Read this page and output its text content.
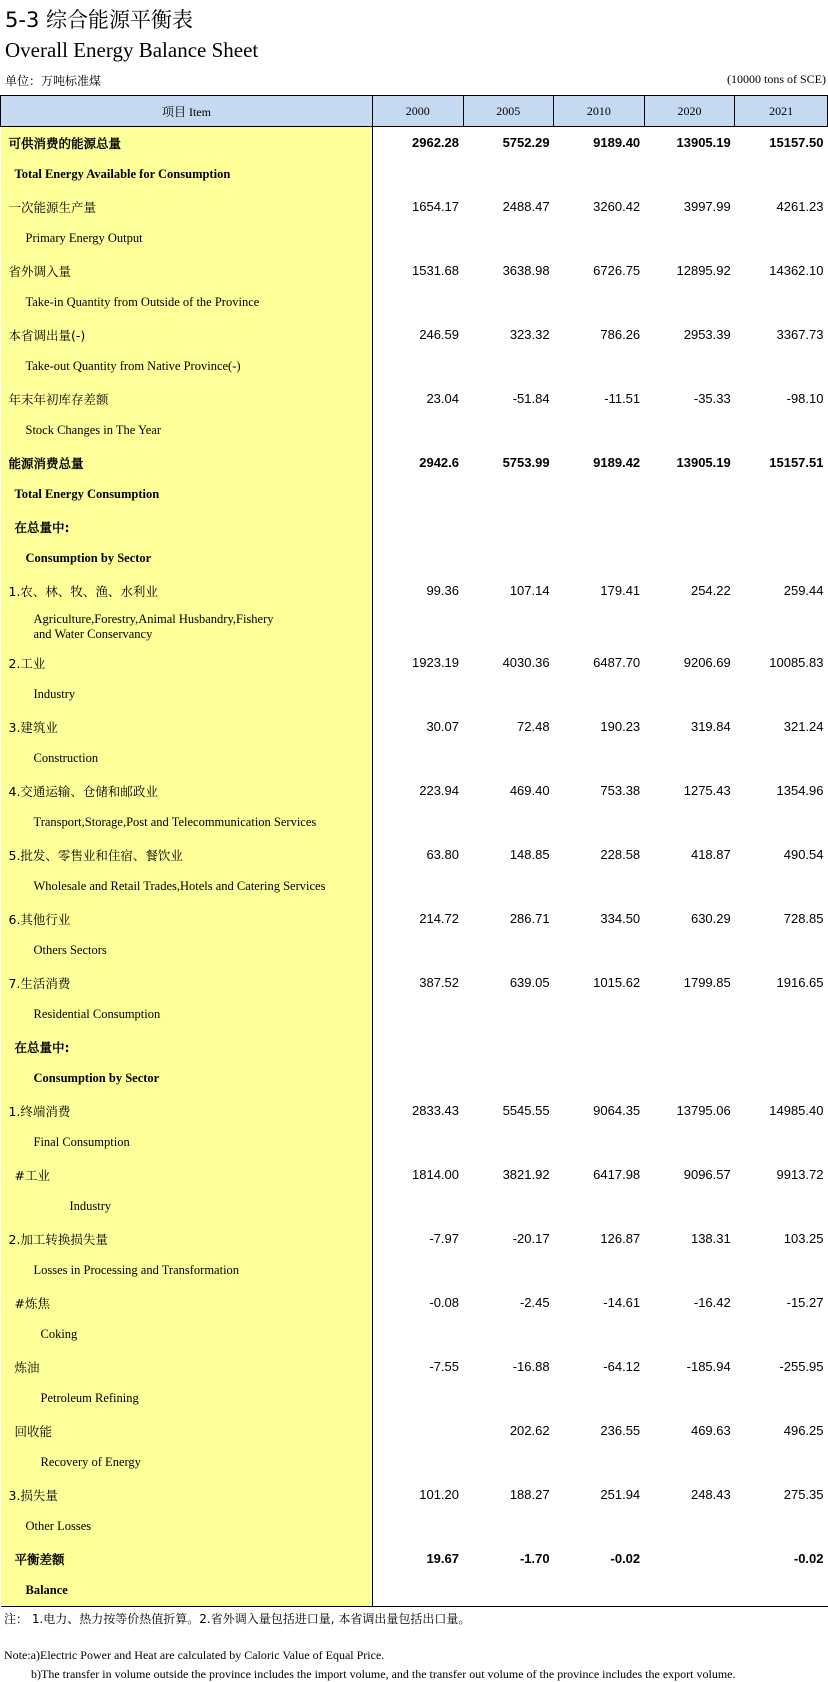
5-3 综合能源平衡表
Overall Energy Balance Sheet
单位：万吨标准煤	(10000 tons of SCE)
项目 Item	2000	2005	2010	2020	2021
可供消费的能源总量	2962.28	5752.29	9189.40	13905.19	15157.50
Total Energy Available for Consumption					
一次能源生产量	1654.17	2488.47	3260.42	3997.99	4261.23
Primary Energy Output					
省外调入量	1531.68	3638.98	6726.75	12895.92	14362.10
Take-in Quantity from Outside of the Province					
本省调出量(-)	246.59	323.32	786.26	2953.39	3367.73
Take-out Quantity from Native Province(-)					
年末年初库存差额	23.04	-51.84	-11.51	-35.33	-98.10
Stock Changes in The Year					
能源消费总量	2942.6	5753.99	9189.42	13905.19	15157.51
Total Energy Consumption					
在总量中:					
Consumption by Sector					
1.农、林、牧、渔、水利业	99.36	107.14	179.41	254.22	259.44

Agriculture,Forestry,Animal Husbandry,Fishery
and Water Conservancy					

2.工业	1923.19	4030.36	6487.70	9206.69	10085.83
Industry					
3.建筑业	30.07	72.48	190.23	319.84	321.24
Construction					
4.交通运输、仓储和邮政业	223.94	469.40	753.38	1275.43	1354.96
Transport,Storage,Post and Telecommunication Services					
5.批发、零售业和住宿、餐饮业	63.80	148.85	228.58	418.87	490.54
Wholesale and Retail Trades,Hotels and Catering Services					
6.其他行业	214.72	286.71	334.50	630.29	728.85
Others Sectors					
7.生活消费	387.52	639.05	1015.62	1799.85	1916.65
Residential Consumption					
在总量中:					
Consumption by Sector					
1.终端消费	2833.43	5545.55	9064.35	13795.06	14985.40
Final Consumption					
#工业	1814.00	3821.92	6417.98	9096.57	9913.72
Industry					
2.加工转换损失量	-7.97	-20.17	126.87	138.31	103.25
Losses in Processing and Transformation					
#炼焦	-0.08	-2.45	-14.61	-16.42	-15.27
Coking					
炼油	-7.55	-16.88	-64.12	-185.94	-255.95
Petroleum Refining					
回收能		202.62	236.55	469.63	496.25
Recovery of Energy					
3.损失量	101.20	188.27	251.94	248.43	275.35
Other Losses					
平衡差额	19.67	-1.70	-0.02		-0.02
Balance					
注： 1.电力、热力按等价热值折算。2.省外调入量包括进口量, 本省调出量包括出口量。
Note:a)Electric Power and Heat are calculated by Caloric Value of Equal Price.
b)The transfer in volume outside the province includes the import volume, and the transfer out volume of the province includes the export volume.
